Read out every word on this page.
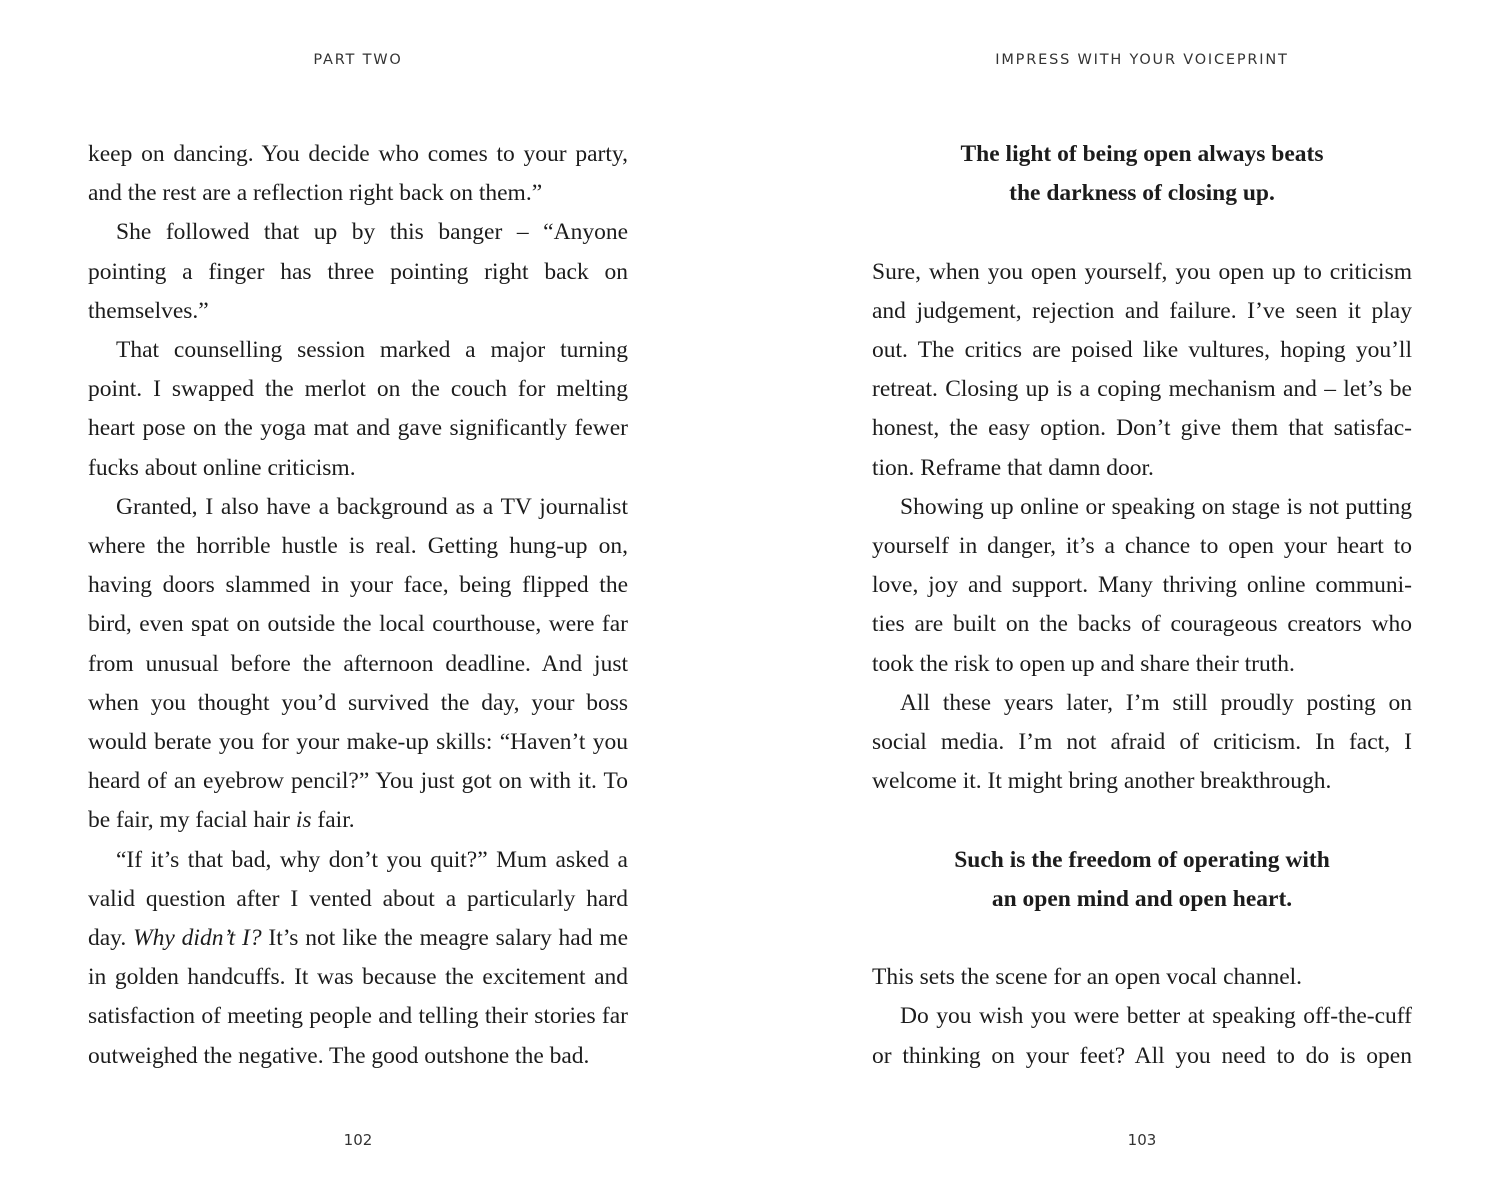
PART TWO

keep on dancing. You decide who comes to your party, and the rest are a reflection right back on them.”

She followed that up by this banger – “Anyone pointing a finger has three pointing right back on themselves.”

That counselling session marked a major turning point. I swapped the merlot on the couch for melting heart pose on the yoga mat and gave significantly fewer fucks about online criticism.

Granted, I also have a background as a TV journalist where the horrible hustle is real. Getting hung-up on, having doors slammed in your face, being flipped the bird, even spat on outside the local courthouse, were far from unusual before the afternoon deadline. And just when you thought you’d survived the day, your boss would berate you for your make-up skills: “Haven’t you heard of an eyebrow pencil?” You just got on with it. To be fair, my facial hair is fair.

“If it’s that bad, why don’t you quit?” Mum asked a valid question after I vented about a particularly hard day. Why didn’t I? It’s not like the meagre salary had me in golden handcuffs. It was because the excitement and satisfaction of meeting people and telling their stories far outweighed the negative. The good outshone the bad.

102
IMPRESS WITH YOUR VOICEPRINT

The light of being open always beats

the darkness of closing up.

Sure, when you open yourself, you open up to criticism and judgement, rejection and failure. I’ve seen it play out. The critics are poised like vultures, hoping you’ll retreat. Closing up is a coping mechanism and – let’s be honest, the easy option. Don’t give them that satisfac-tion. Reframe that damn door.

Showing up online or speaking on stage is not putting yourself in danger, it’s a chance to open your heart to love, joy and support. Many thriving online communi-ties are built on the backs of courageous creators who took the risk to open up and share their truth.

All these years later, I’m still proudly posting on social media. I’m not afraid of criticism. In fact, I welcome it. It might bring another breakthrough.

Such is the freedom of operating with

an open mind and open heart.

This sets the scene for an open vocal channel.

Do you wish you were better at speaking off-the-cuff or thinking on your feet? All you need to do is open

103
